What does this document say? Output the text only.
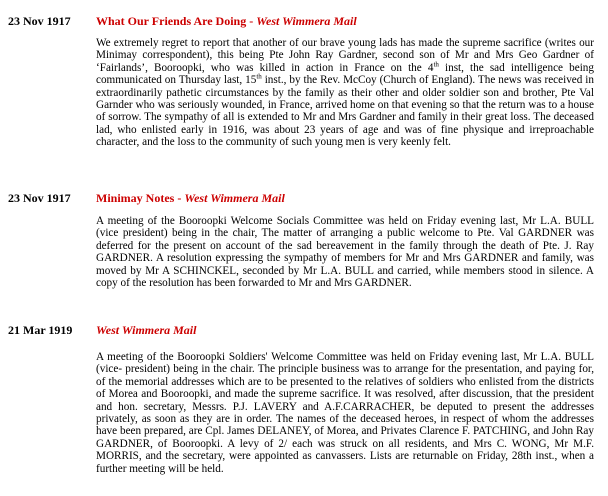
23 Nov 1917 What Our Friends Are Doing - West Wimmera Mail

We extremely regret to report that another of our brave young lads has made the supreme sacrifice (writes our Minimay correspondent), this being Pte John Ray Gardner, second son of Mr and Mrs Geo Gardner of ‘Fairlands’, Booroopki, who was killed in action in France on the 4th inst, the sad intelligence being communicated on Thursday last, 15th inst., by the Rev. McCoy (Church of England). The news was received in extraordinarily pathetic circumstances by the family as their other and older soldier son and brother, Pte Val Garnder who was seriously wounded, in France, arrived home on that evening so that the return was to a house of sorrow. The sympathy of all is extended to Mr and Mrs Gardner and family in their great loss. The deceased lad, who enlisted early in 1916, was about 23 years of age and was of fine physique and irreproachable character, and the loss to the community of such young men is very keenly felt.

23 Nov 1917 Minimay Notes - West Wimmera Mail

A meeting of the Booroopki Welcome Socials Committee was held on Friday evening last, Mr L.A. BULL (vice president) being in the chair, The matter of arranging a public welcome to Pte. Val GARDNER was deferred for the present on account of the sad bereavement in the family through the death of Pte. J. Ray GARDNER. A resolution expressing the sympathy of members for Mr and Mrs GARDNER and family, was moved by Mr A SCHINCKEL, seconded by Mr L.A. BULL and carried, while members stood in silence. A copy of the resolution has been forwarded to Mr and Mrs GARDNER.

21 Mar 1919 West Wimmera Mail

A meeting of the Booroopki Soldiers' Welcome Committee was held on Friday evening last, Mr L.A. BULL (vice- president) being in the chair. The principle business was to arrange for the presentation, and paying for, of the memorial addresses which are to be presented to the relatives of soldiers who enlisted from the districts of Morea and Booroopki, and made the supreme sacrifice. It was resolved, after discussion, that the president and hon. secretary, Messrs. P.J. LAVERY and A.F.CARRACHER, be deputed to present the addresses privately, as soon as they are in order. The names of the deceased heroes, in respect of whom the addresses have been prepared, are Cpl. James DELANEY, of Morea, and Privates Clarence F. PATCHING, and John Ray GARDNER, of Booroopki. A levy of 2/ each was struck on all residents, and Mrs C. WONG, Mr M.F. MORRIS, and the secretary, were appointed as canvassers. Lists are returnable on Friday, 28th inst., when a further meeting will be held.
